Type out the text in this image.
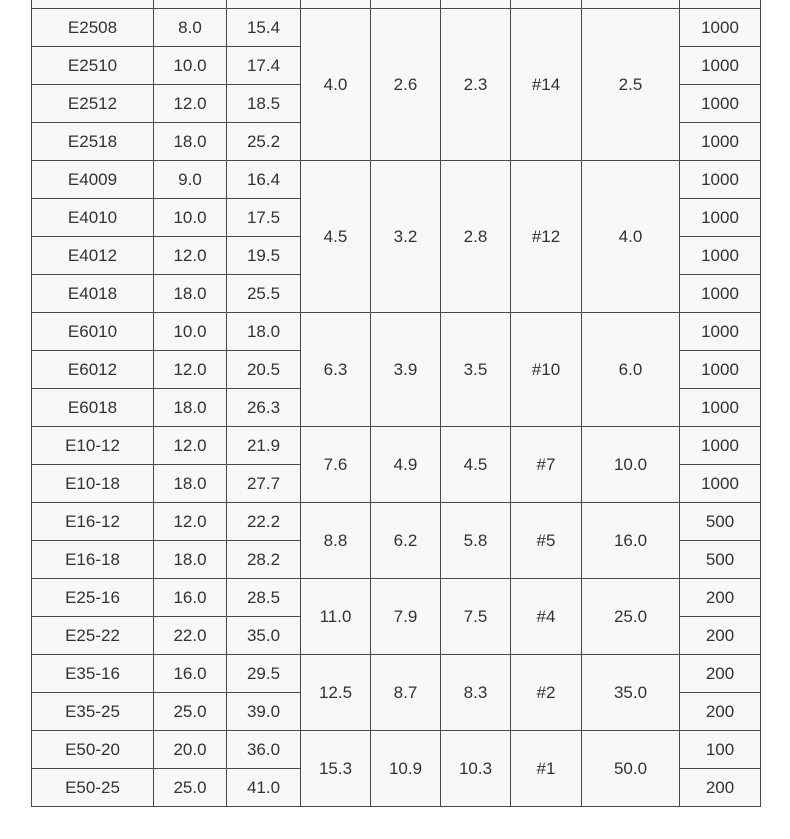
E2508	8.0	15.4	4.0	2.6	2.3	#14	2.5	1000
E2510	10.0	17.4						1000
E2512	12.0	18.5						1000
E2518	18.0	25.2						1000
E4009	9.0	16.4	4.5	3.2	2.8	#12	4.0	1000
E4010	10.0	17.5						1000
E4012	12.0	19.5						1000
E4018	18.0	25.5						1000
E6010	10.0	18.0	6.3	3.9	3.5	#10	6.0	1000
E6012	12.0	20.5						1000
E6018	18.0	26.3						1000
E10-12	12.0	21.9	7.6	4.9	4.5	#7	10.0	1000
E10-18	18.0	27.7						1000
E16-12	12.0	22.2	8.8	6.2	5.8	#5	16.0	500
E16-18	18.0	28.2						500
E25-16	16.0	28.5	11.0	7.9	7.5	#4	25.0	200
E25-22	22.0	35.0						200
E35-16	16.0	29.5	12.5	8.7	8.3	#2	35.0	200
E35-25	25.0	39.0						200
E50-20	20.0	36.0	15.3	10.9	10.3	#1	50.0	100
E50-25	25.0	41.0						200
